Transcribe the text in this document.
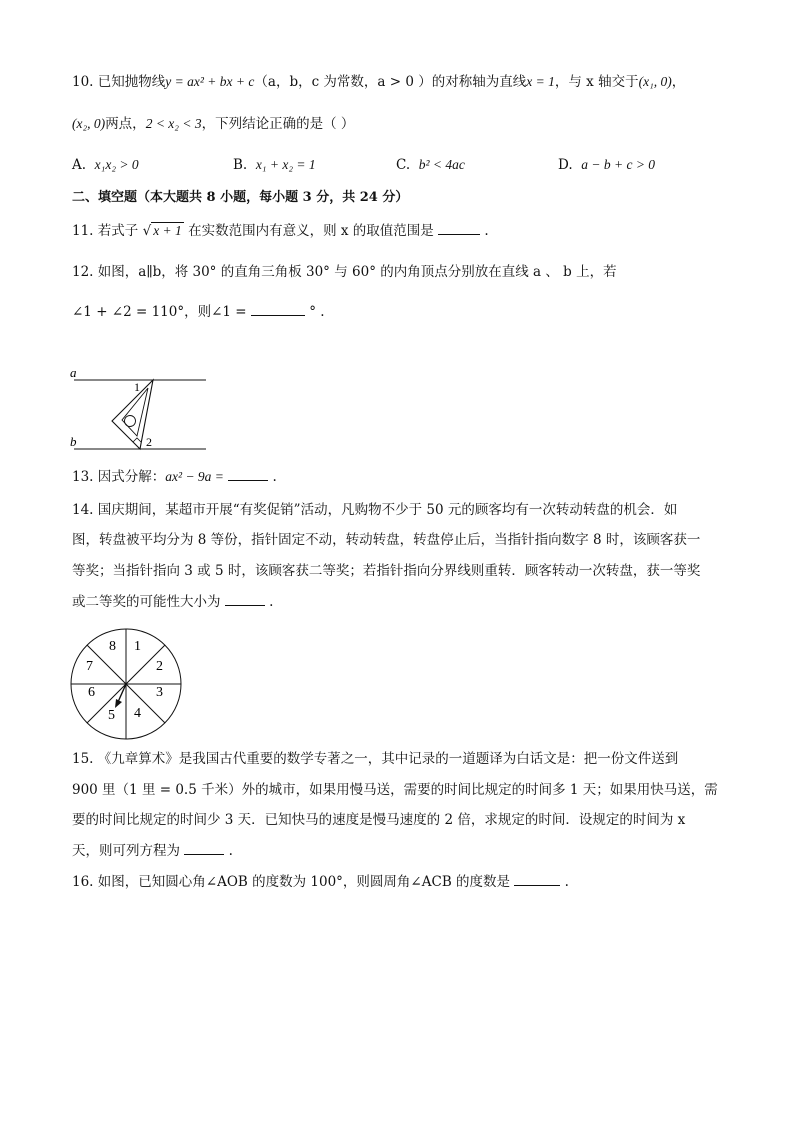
10. 已知抛物线y = ax² + bx + c（a，b，c 为常数，a > 0 ）的对称轴为直线x = 1，与 x 轴交于(x₁, 0)，
(x₂, 0)两点，2 < x₂ < 3，下列结论正确的是（ ）
A. x₁x₂ > 0	B. x₁ + x₂ = 1	C. b² < 4ac	D. a − b + c > 0
二、填空题（本大题共 8 小题，每小题 3 分，共 24 分）
11. 若式子 √ x + 1 在实数范围内有意义，则 x 的取值范围是	.
12. 如图，a∥b，将 30° 的直角三角板 30° 与 60° 的内角顶点分别放在直线 a 、 b 上，若
∠1 + ∠2 = 110°，则∠1 =	° .
a
b
1
2
13. 因式分解：ax² − 9a =	.
14. 国庆期间，某超市开展“有奖促销”活动，凡购物不少于 50 元的顾客均有一次转动转盘的机会．如
图，转盘被平均分为 8 等份，指针固定不动，转动转盘，转盘停止后，当指针指向数字 8 时，该顾客获一
等奖；当指针指向 3 或 5 时，该顾客获二等奖；若指针指向分界线则重转．顾客转动一次转盘，获一等奖
或二等奖的可能性大小为	.
1
2
3
4
5
6
7
8
15. 《九章算术》是我国古代重要的数学专著之一，其中记录的一道题译为白话文是：把一份文件送到
900 里（1 里 = 0.5 千米）外的城市，如果用慢马送，需要的时间比规定的时间多 1 天；如果用快马送，需
要的时间比规定的时间少 3 天．已知快马的速度是慢马速度的 2 倍，求规定的时间．设规定的时间为 x
天，则可列方程为	.
16. 如图，已知圆心角∠AOB 的度数为 100°，则圆周角∠ACB 的度数是	.
